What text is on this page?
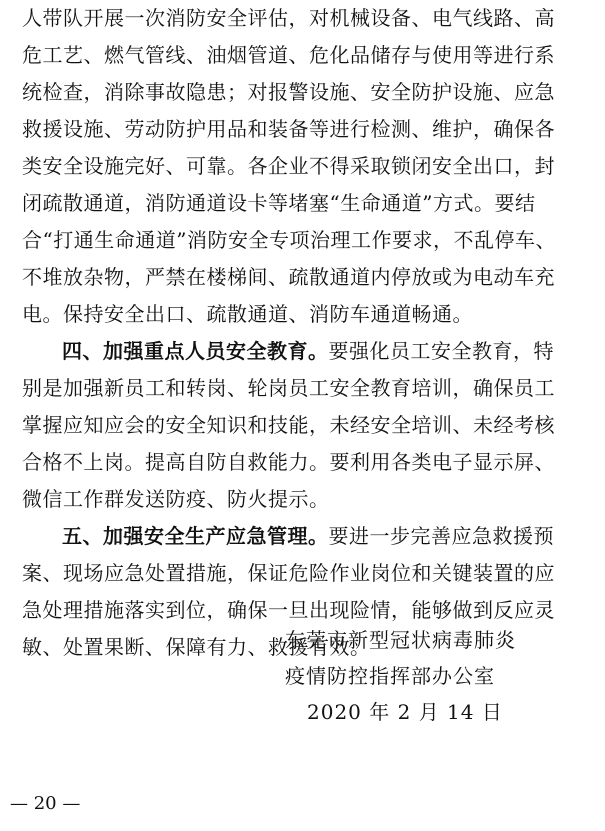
人带队开展一次消防安全评估，对机械设备、电气线路、高
危工艺、燃气管线、油烟管道、危化品储存与使用等进行系
统检查，消除事故隐患；对报警设施、安全防护设施、应急
救援设施、劳动防护用品和装备等进行检测、维护，确保各
类安全设施完好、可靠。各企业不得采取锁闭安全出口，封
闭疏散通道，消防通道设卡等堵塞“生命通道”方式。要结
合“打通生命通道”消防安全专项治理工作要求，不乱停车、
不堆放杂物，严禁在楼梯间、疏散通道内停放或为电动车充
电。保持安全出口、疏散通道、消防车通道畅通。
四、加强重点人员安全教育。要强化员工安全教育，特
别是加强新员工和转岗、轮岗员工安全教育培训，确保员工
掌握应知应会的安全知识和技能，未经安全培训、未经考核
合格不上岗。提高自防自救能力。要利用各类电子显示屏、
微信工作群发送防疫、防火提示。
五、加强安全生产应急管理。要进一步完善应急救援预
案、现场应急处置措施，保证危险作业岗位和关键装置的应
急处理措施落实到位，确保一旦出现险情，能够做到反应灵
敏、处置果断、保障有力、救援有效。
东莞市新型冠状病毒肺炎
疫情防控指挥部办公室
2020 年 2 月 14 日
— 20 —
